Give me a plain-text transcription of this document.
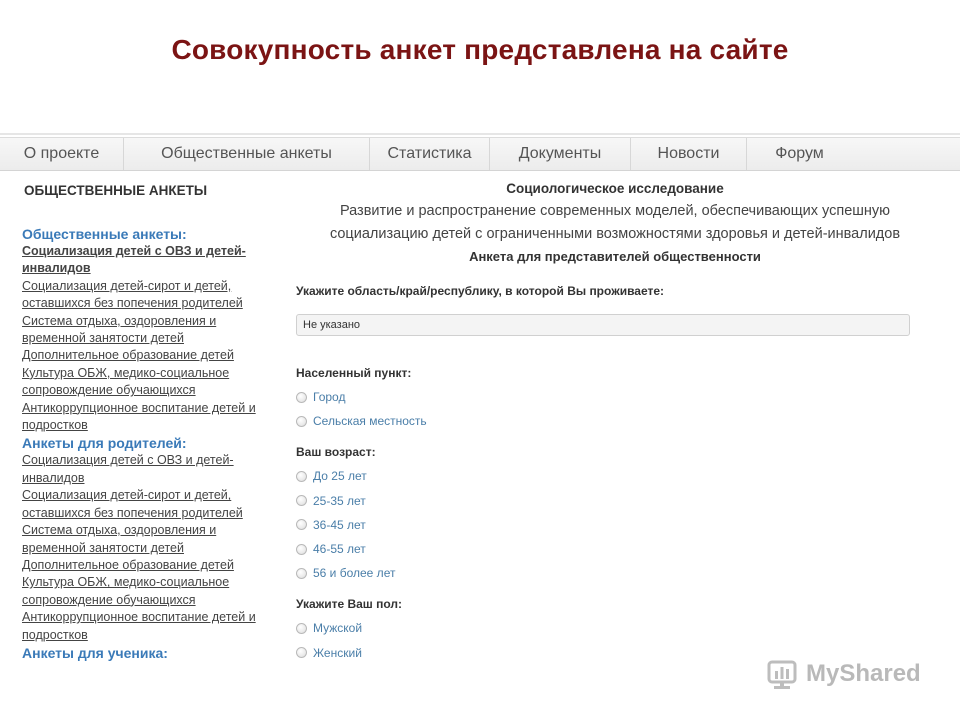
Совокупность анкет представлена на сайте
О проекте	Общественные анкеты	Статистика	Документы	Новости	Форум
ОБЩЕСТВЕННЫЕ АНКЕТЫ
Общественные анкеты:
Социализация детей с ОВЗ и детей-
инвалидов
Социализация детей-сирот и детей,
оставшихся без попечения родителей
Система отдыха, оздоровления и
временной занятости детей
Дополнительное образование детей
Культура ОБЖ, медико-социальное
сопровождение обучающихся
Антикоррупционное воспитание детей и
подростков
Анкеты для родителей:
Социализация детей с ОВЗ и детей-
инвалидов
Социализация детей-сирот и детей,
оставшихся без попечения родителей
Система отдыха, оздоровления и
временной занятости детей
Дополнительное образование детей
Культура ОБЖ, медико-социальное
сопровождение обучающихся
Антикоррупционное воспитание детей и
подростков
Анкеты для ученика:
Социологическое исследование
Развитие и распространение современных моделей, обеспечивающих успешную
социализацию детей с ограниченными возможностями здоровья и детей-инвалидов
Анкета для представителей общественности
Укажите область/край/республику, в которой Вы проживаете:
Не указано
Населенный пункт:
Город
Сельская местность
Ваш возраст:
До 25 лет
25-35 лет
36-45 лет
46-55 лет
56 и более лет
Укажите Ваш пол:
Мужской
Женский
MyShared
